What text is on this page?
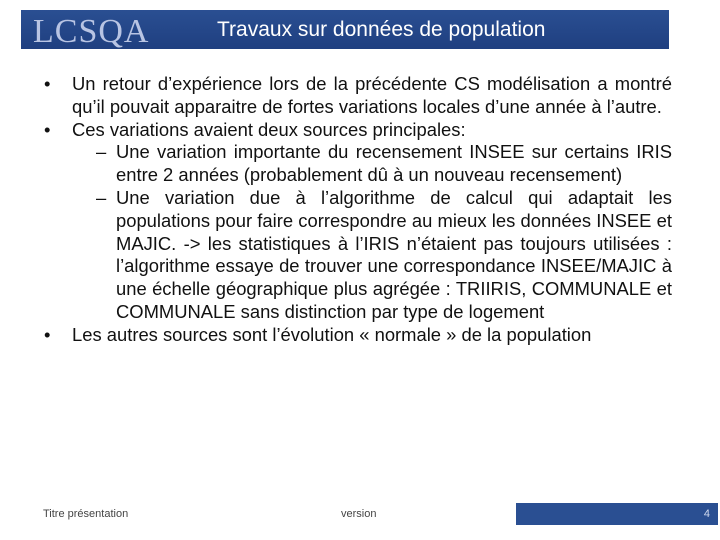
LCSQA	Travaux sur données de population
• Un retour d’expérience lors de la précédente CS modélisation a montré qu’il pouvait apparaitre de fortes variations locales d’une année à l’autre.
• Ces variations avaient deux sources principales:
– Une variation importante du recensement INSEE sur certains IRIS entre 2 années (probablement dû à un nouveau recensement)
– Une variation due à l’algorithme de calcul qui adaptait les populations pour faire correspondre au mieux les données INSEE et MAJIC. -> les statistiques à l’IRIS n’étaient pas toujours utilisées : l’algorithme essaye de trouver une correspondance INSEE/MAJIC à une échelle géographique plus agrégée : TRIIRIS, COMMUNALE et COMMUNALE sans distinction par type de logement
• Les autres sources sont l’évolution « normale » de la population
Titre présentation	version	4
